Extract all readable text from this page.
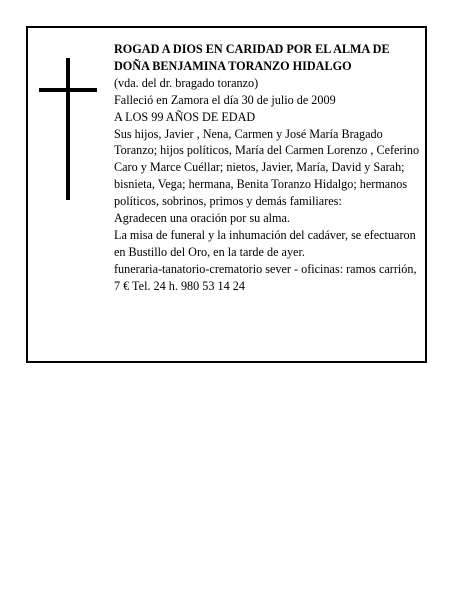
ROGAD A DIOS EN CARIDAD POR EL ALMA DE DOÑA BENJAMINA TORANZO HIDALGO

(vda. del dr. bragado toranzo)

Falleció en Zamora el día 30 de julio de 2009

A LOS 99 AÑOS DE EDAD

Sus hijos, Javier , Nena, Carmen y José María Bragado Toranzo; hijos políticos, María del Carmen Lorenzo , Ceferino Caro y Marce Cuéllar; nietos, Javier, María, David y Sarah; bisnieta, Vega; hermana, Benita Toranzo Hidalgo; hermanos políticos, sobrinos, primos y demás familiares:

Agradecen una oración por su alma.

La misa de funeral y la inhumación del cadáver, se efectuaron en Bustillo del Oro, en la tarde de ayer.

funeraria-tanatorio-crematorio sever - oficinas: ramos carrión, 7 € Tel. 24 h. 980 53 14 24
